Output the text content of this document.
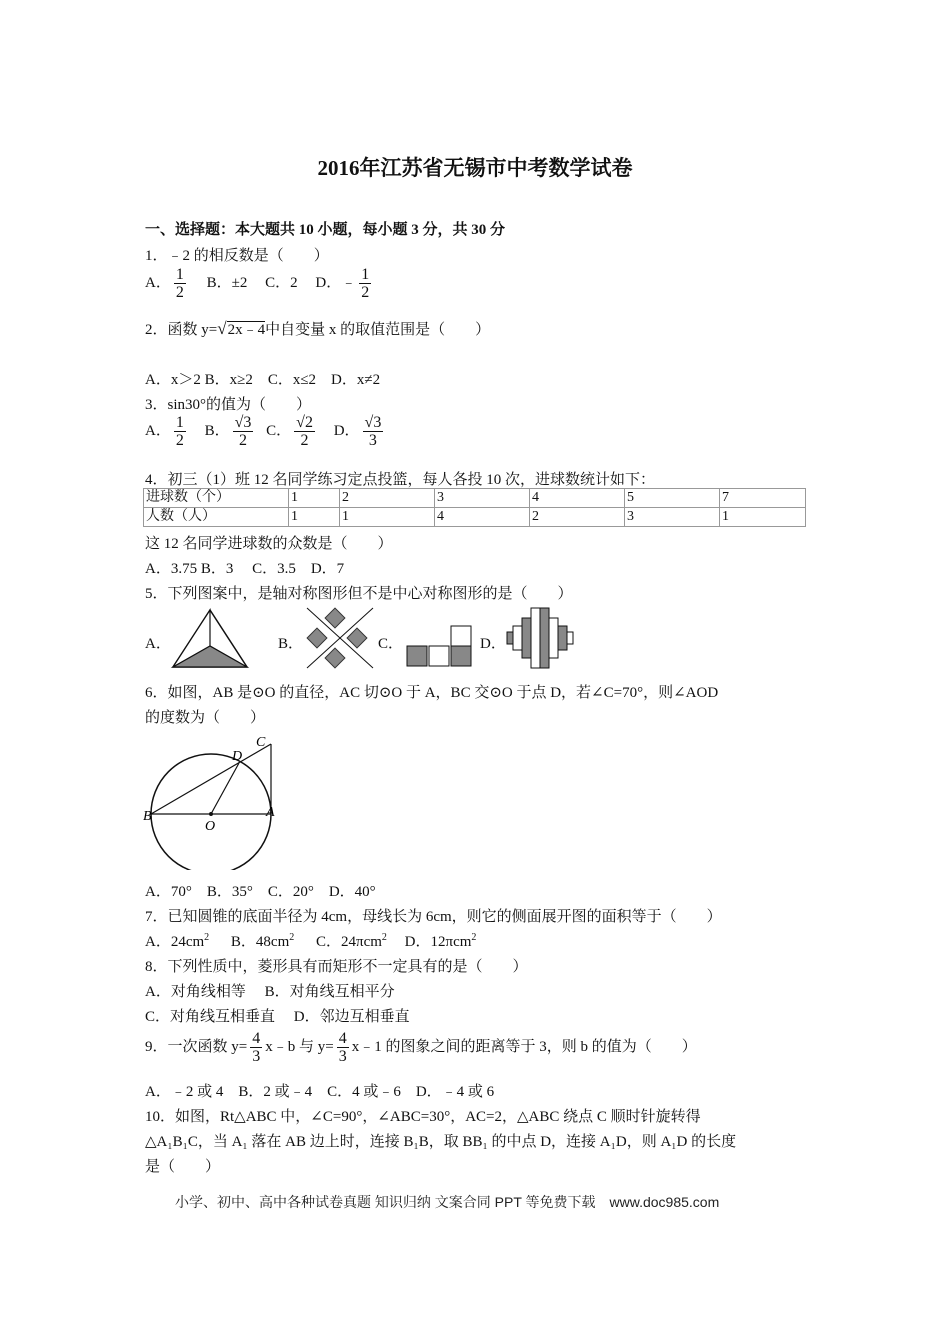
2016年江苏省无锡市中考数学试卷
一、选择题：本大题共 10 小题，每小题 3 分，共 30 分
1．﹣2 的相反数是（　　）
A． $\frac{1}{2}$ B．±2 C．2 D．﹣ $\frac{1}{2}$
2．函数 y=√2x﹣4中自变量 x 的取值范围是（　　）
A．x＞2 B．x≥2　C．x≤2　D．x≠2
3．sin30°的值为（　　）
A． $\frac{1}{2}$ B． $\frac{√3}{2}$ C． $\frac{√2}{2}$ D． $\frac{√3}{3}$
4．初三（1）班 12 名同学练习定点投篮，每人各投 10 次，进球数统计如下：
进球数（个）	1	2	3	4	5	7
人数（人）	1	1	4	2	3	1
这 12 名同学进球数的众数是（　　）
A．3.75 B．3　 C．3.5　D．7
5．下列图案中，是轴对称图形但不是中心对称图形的是（　　）
A．	B．	C．	D．
6．如图，AB 是⊙O 的直径，AC 切⊙O 于 A，BC 交⊙O 于点 D，若∠C=70°，则∠AOD
的度数为（　　）
B
O
A
D
C
A．70°　B．35°　C．20°　D．40°
7．已知圆锥的底面半径为 4cm，母线长为 6cm，则它的侧面展开图的面积等于（　　）
A．$24cm^2$ B．$48cm^2$ C．24πcm$^2$ D．12πcm$^2$
8．下列性质中，菱形具有而矩形不一定具有的是（　　）
A．对角线相等　 B．对角线互相平分
C．对角线互相垂直　 D．邻边互相垂直
9．一次函数 $y= \frac{4}{3}$ x﹣b 与 $y= \frac{4}{3}$ x﹣1 的图象之间的距离等于 3，则 b 的值为（　　）
A．﹣2 或 4　B．2 或﹣4　C．4 或﹣6　D．﹣4 或 6
10．如图，Rt△ABC 中，∠C=90°，∠ABC=30°，AC=2，△ABC 绕点 C 顺时针旋转得
△A₁B₁C，当 A₁ 落在 AB 边上时，连接 B₁B，取 BB₁ 的中点 D，连接 A₁D，则 A₁D 的长度
是（　　）
小学、初中、高中各种试卷真题 知识归纳 文案合同 PPT 等免费下载　www.doc985.com
